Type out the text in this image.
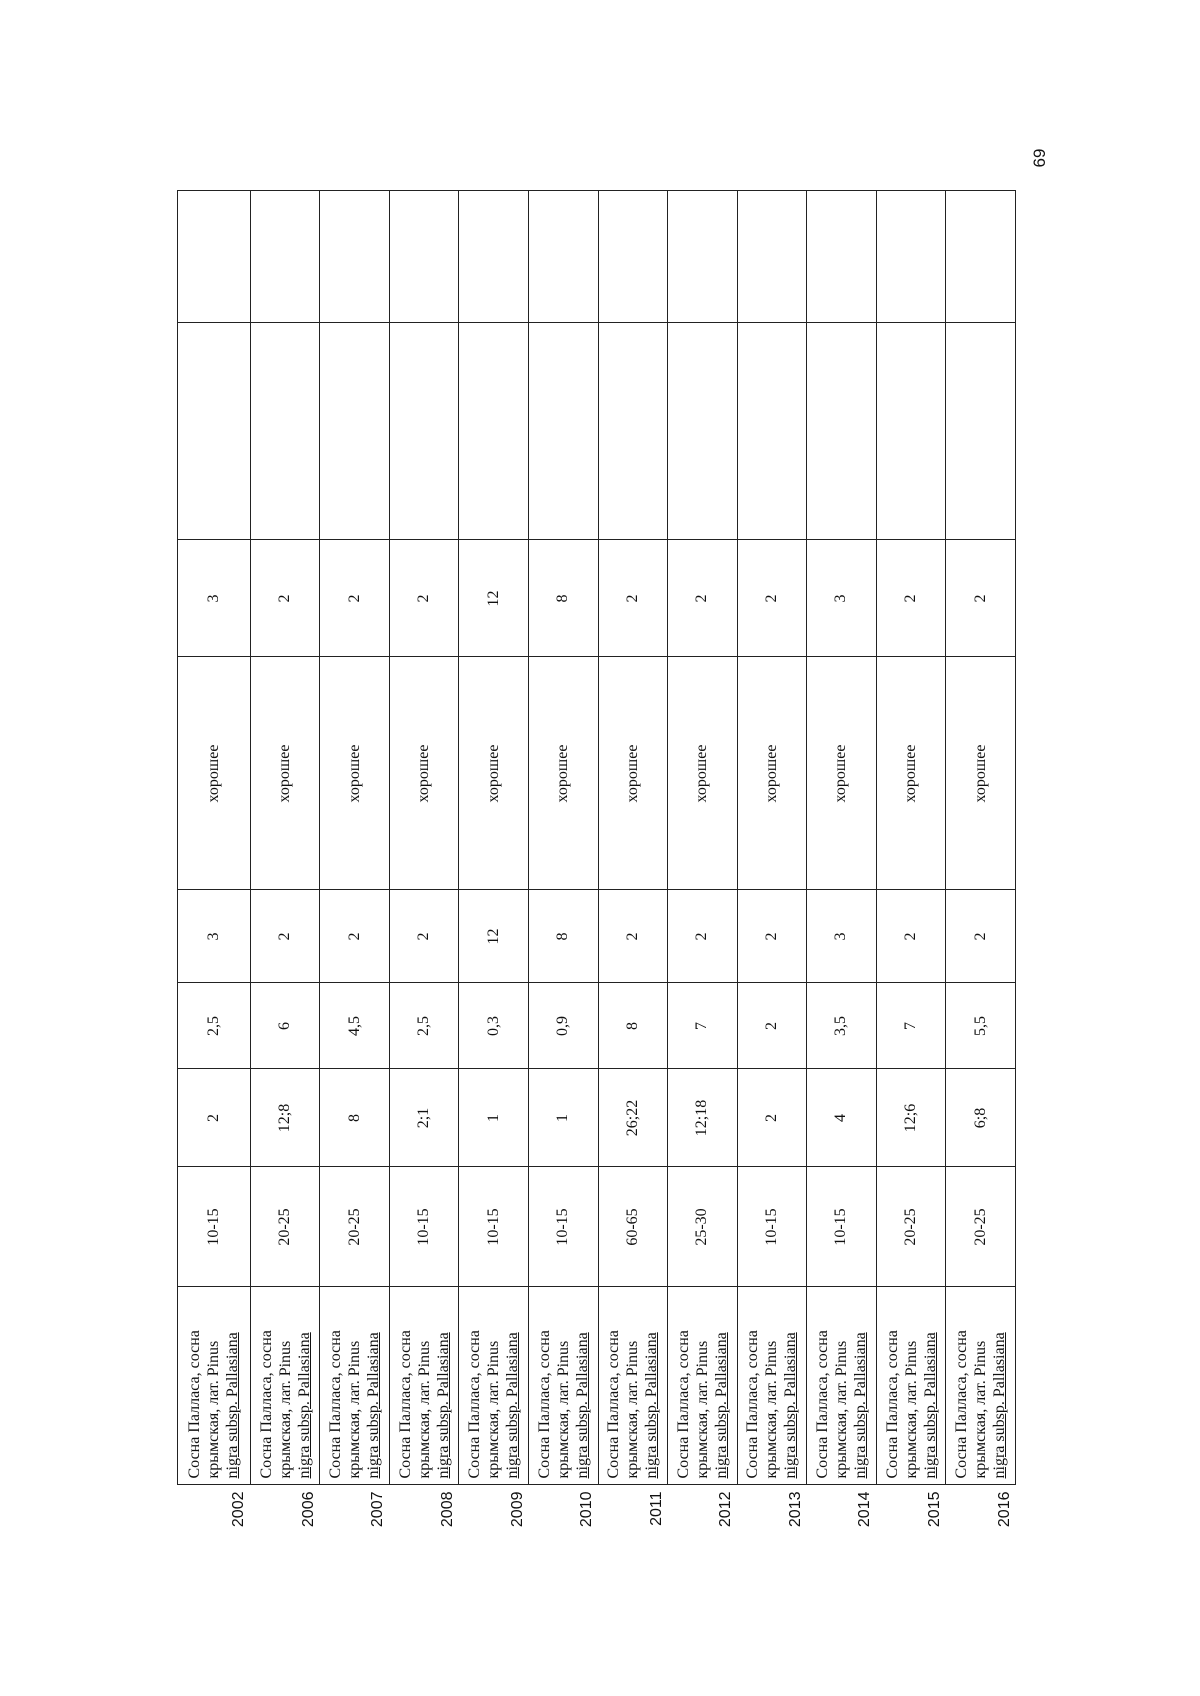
69
2002	Сосна Палласа, сосна крымская, лат. Pinus nigra subsp. Pallasiana	10-15	2	2,5	3	хорошее	3		
2006	Сосна Палласа, сосна крымская, лат. Pinus nigra subsp. Pallasiana	20-25	12;8	6	2	хорошее	2		
2007	Сосна Палласа, сосна крымская, лат. Pinus nigra subsp. Pallasiana	20-25	8	4,5	2	хорошее	2		
2008	Сосна Палласа, сосна крымская, лат. Pinus nigra subsp. Pallasiana	10-15	2;1	2,5	2	хорошее	2		
2009	Сосна Палласа, сосна крымская, лат. Pinus nigra subsp. Pallasiana	10-15	1	0,3	12	хорошее	12		
2010	Сосна Палласа, сосна крымская, лат. Pinus nigra subsp. Pallasiana	10-15	1	0,9	8	хорошее	8		
2011	Сосна Палласа, сосна крымская, лат. Pinus nigra subsp. Pallasiana	60-65	26;22	8	2	хорошее	2		
2012	Сосна Палласа, сосна крымская, лат. Pinus nigra subsp. Pallasiana	25-30	12;18	7	2	хорошее	2		
2013	Сосна Палласа, сосна крымская, лат. Pinus nigra subsp. Pallasiana	10-15	2	2	2	хорошее	2		
2014	Сосна Палласа, сосна крымская, лат. Pinus nigra subsp. Pallasiana	10-15	4	3,5	3	хорошее	3		
2015	Сосна Палласа, сосна крымская, лат. Pinus nigra subsp. Pallasiana	20-25	12;6	7	2	хорошее	2		
2016	Сосна Палласа, сосна крымская, лат. Pinus nigra subsp. Pallasiana	20-25	6;8	5,5	2	хорошее	2		
